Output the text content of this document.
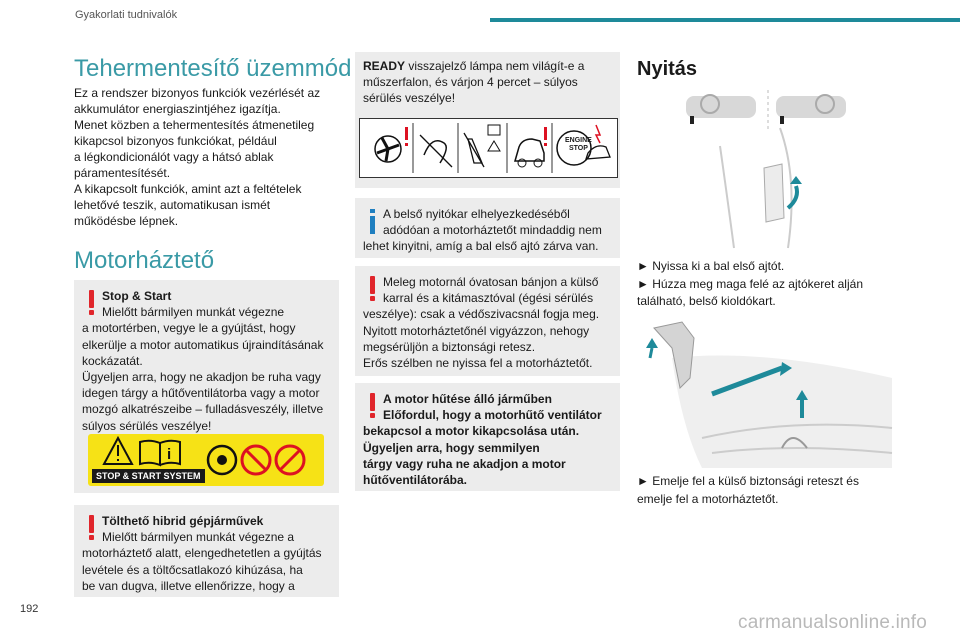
Gyakorlati tudnivalók
Tehermentesítő üzemmód
Ez a rendszer bizonyos funkciók vezérlését az
akkumulátor energiaszintjéhez igazítja.
Menet közben a tehermentesítés átmenetileg
kikapcsol bizonyos funkciókat, például
a légkondicionálót vagy a hátsó ablak
páramentesítését.
A kikapcsolt funkciók, amint azt a feltételek
lehetővé teszik, automatikusan ismét
működésbe lépnek.
Motorháztető

Stop & Start

Mielőtt bármilyen munkát végezne

a motortérben, vegye le a gyújtást, hogy

elkerülje a motor automatikus újraindításának

kockázatát.

Ügyeljen arra, hogy ne akadjon be ruha vagy

idegen tárgy a hűtőventilátorba vagy a motor

mozgó alkatrészeibe – fulladásveszély, illetve

súlyos sérülés veszélye!

i
STOP & START SYSTEM

Tölthető hibrid gépjárművek

Mielőtt bármilyen munkát végezne a

motorháztető alatt, elengedhetetlen a gyújtás

levétele és a töltőcsatlakozó kihúzása, ha

be van dugva, illetve ellenőrizze, hogy a

READY visszajelző lámpa nem világít-e a

műszerfalon, és várjon 4 percet – súlyos

sérülés veszélye!

ENGINE
STOP

A belső nyitókar elhelyezkedéséből

adódóan a motorháztetőt mindaddig nem

lehet kinyitni, amíg a bal első ajtó zárva van.

Meleg motornál óvatosan bánjon a külső

karral és a kitámasztóval (égési sérülés

veszélye): csak a védőszivacsnál fogja meg.

Nyitott motorháztetőnél vigyázzon, nehogy

megsérüljön a biztonsági retesz.

Erős szélben ne nyissa fel a motorháztetőt.

A motor hűtése álló járműben

Előfordul, hogy a motorhűtő ventilátor

bekapcsol a motor kikapcsolása után.

Ügyeljen arra, hogy semmilyen

tárgy vagy ruha ne akadjon a motor

hűtőventilátorába.

Nyitás
► Nyissa ki a bal első ajtót.
► Húzza meg maga felé az ajtókeret alján
található, belső kioldókart.
► Emelje fel a külső biztonsági reteszt és
emelje fel a motorháztetőt.
192
carmanualsonline.info
